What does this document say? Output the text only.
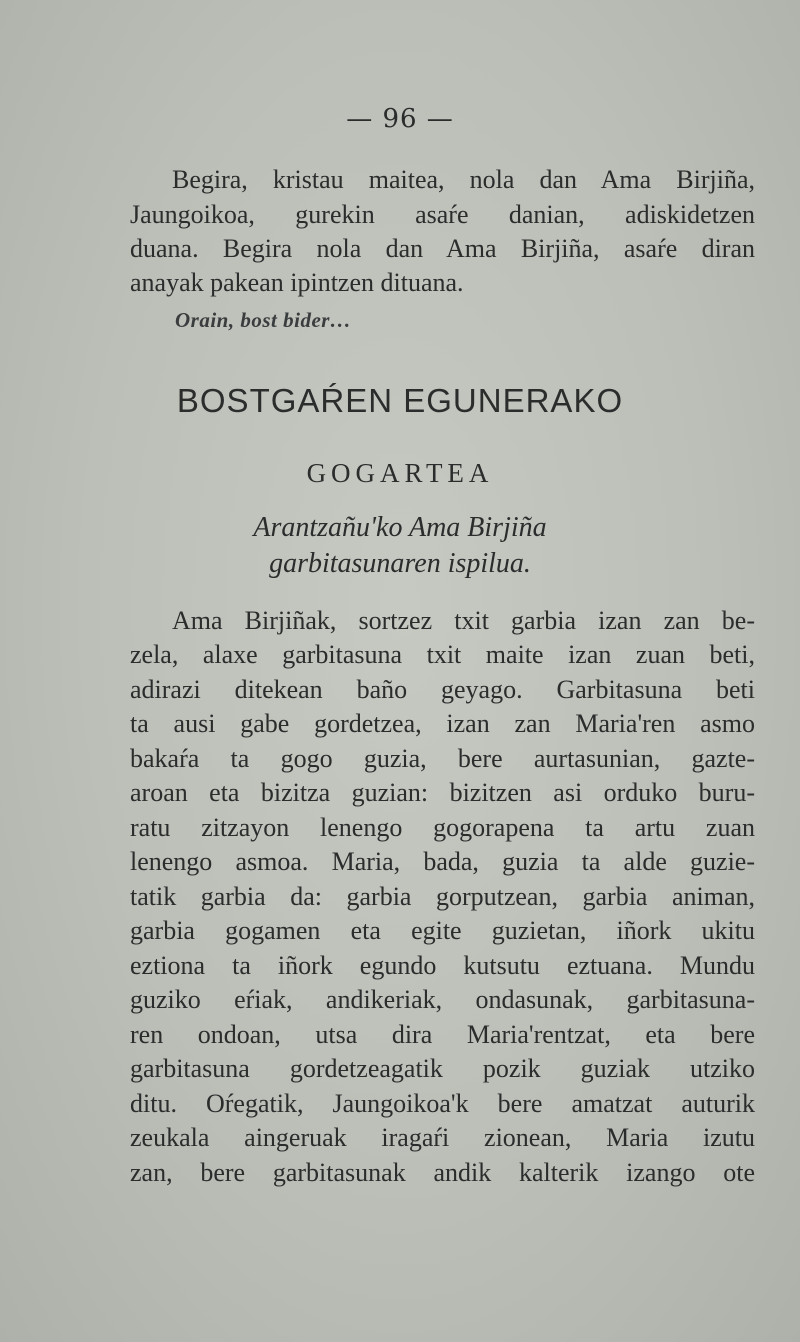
— 96 —

Begira, kristau maitea, nola dan Ama Birjiña,

Jaungoikoa, gurekin asaŕe danian, adiskidetzen

duana. Begira nola dan Ama Birjiña, asaŕe diran

anayak pakean ipintzen dituana.

Orain, bost bider…
BOSTGAŔEN EGUNERAKO
GOGARTEA
Arantzañu'ko Ama Birjiña
garbitasunaren ispilua.

Ama Birjiñak, sortzez txit garbia izan zan be-

zela, alaxe garbitasuna txit maite izan zuan beti,

adirazi ditekean baño geyago. Garbitasuna beti

ta ausi gabe gordetzea, izan zan Maria'ren asmo

bakaŕa ta gogo guzia, bere aurtasunian, gazte-

aroan eta bizitza guzian: bizitzen asi orduko buru-

ratu zitzayon lenengo gogorapena ta artu zuan

lenengo asmoa. Maria, bada, guzia ta alde guzie-

tatik garbia da: garbia gorputzean, garbia animan,

garbia gogamen eta egite guzietan, iñork ukitu

eztiona ta iñork egundo kutsutu eztuana. Mundu

guziko eŕiak, andikeriak, ondasunak, garbitasuna-

ren ondoan, utsa dira Maria'rentzat, eta bere

garbitasuna gordetzeagatik pozik guziak utziko

ditu. Oŕegatik, Jaungoikoa'k bere amatzat auturik

zeukala aingeruak iragaŕi zionean, Maria izutu

zan, bere garbitasunak andik kalterik izango ote
